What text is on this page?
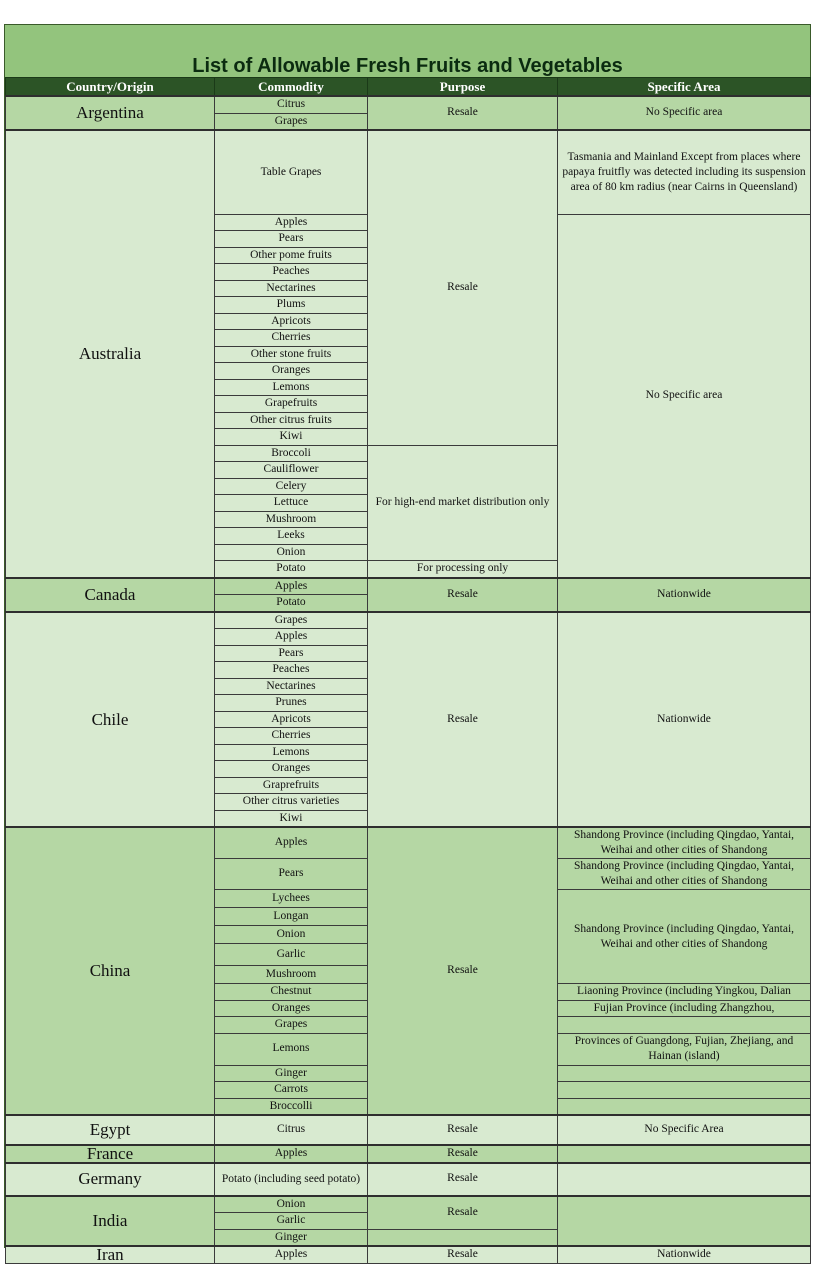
List of Allowable Fresh Fruits and Vegetables
Country/Origin	Commodity	Purpose	Specific Area
Argentina	Citrus	Resale	No Specific area
	Grapes		
Australia	Table Grapes	Resale	Tasmania and Mainland Except from places where papaya fruitfly was detected including its suspension area of 80 km radius (near Cairns in Queensland)
	Apples		No Specific area
	Pears		
	Other pome fruits		
	Peaches		
	Nectarines		
	Plums		
	Apricots		
	Cherries		
	Other stone fruits		
	Oranges		
	Lemons		
	Grapefruits		
	Other citrus fruits		
	Kiwi		
	Broccoli	For high-end market distribution only	
	Cauliflower		
	Celery		
	Lettuce		
	Mushroom		
	Leeks		
	Onion		
	Potato	For processing only	
Canada	Apples	Resale	Nationwide
	Potato		
Chile	Grapes	Resale	Nationwide
	Apples		
	Pears		
	Peaches		
	Nectarines		
	Prunes		
	Apricots		
	Cherries		
	Lemons		
	Oranges		
	Graprefruits		
	Other citrus varieties		
	Kiwi		
China	Apples	Resale	Shandong Province (including Qingdao, Yantai, Weihai and other cities of Shandong
	Pears		Shandong Province (including Qingdao, Yantai, Weihai and other cities of Shandong
	Lychees		Shandong Province (including Qingdao, Yantai, Weihai and other cities of Shandong
	Longan		
	Onion		
	Garlic		
	Mushroom		
	Chestnut		Liaoning Province (including Yingkou, Dalian
	Oranges		Fujian Province (including Zhangzhou,
	Grapes		
	Lemons		Provinces of Guangdong, Fujian, Zhejiang, and Hainan (island)
	Ginger		
	Carrots		
	Broccolli		
Egypt	Citrus	Resale	No Specific Area
France	Apples	Resale	
Germany	Potato (including seed potato)	Resale	
India	Onion	Resale	
	Garlic		
	Ginger		
Iran	Apples	Resale	Nationwide
